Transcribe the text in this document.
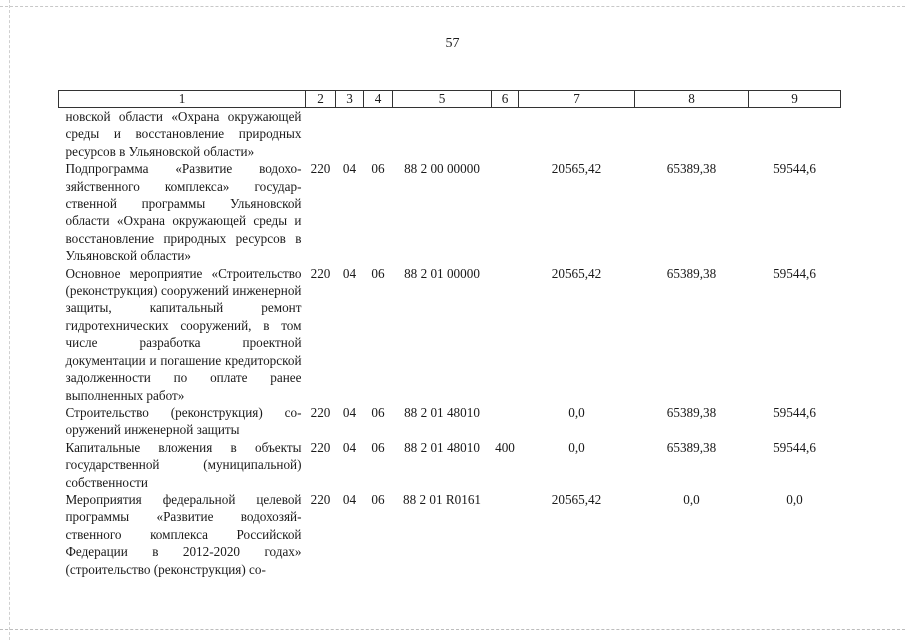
57
1	2	3	4	5	6	7	8	9
новской области «Охрана окружающей среды и восстановление природных ресурсов в Ульяновской области»								
Подпрограмма «Развитие водохозяйственного комплекса» государственной программы Ульяновской области «Охрана окружающей среды и восстановление природных ресурсов в Ульяновской области»	220	04	06	88 2 00 00000		20565,42	65389,38	59544,6
Основное мероприятие «Строительство (реконструкция) сооружений инженерной защиты, капитальный ремонт гидротехнических сооружений, в том числе разработка проектной документации и погашение кредиторской задолженности по оплате ранее выполненных работ»	220	04	06	88 2 01 00000		20565,42	65389,38	59544,6
Строительство (реконструкция) сооружений инженерной защиты	220	04	06	88 2 01 48010		0,0	65389,38	59544,6
Капитальные вложения в объекты государственной (муниципальной) собственности	220	04	06	88 2 01 48010	400	0,0	65389,38	59544,6
Мероприятия федеральной целевой программы «Развитие водохозяйственного комплекса Российской Федерации в 2012-2020 годах» (строительство (реконструкция) со-	220	04	06	88 2 01 R0161		20565,42	0,0	0,0
